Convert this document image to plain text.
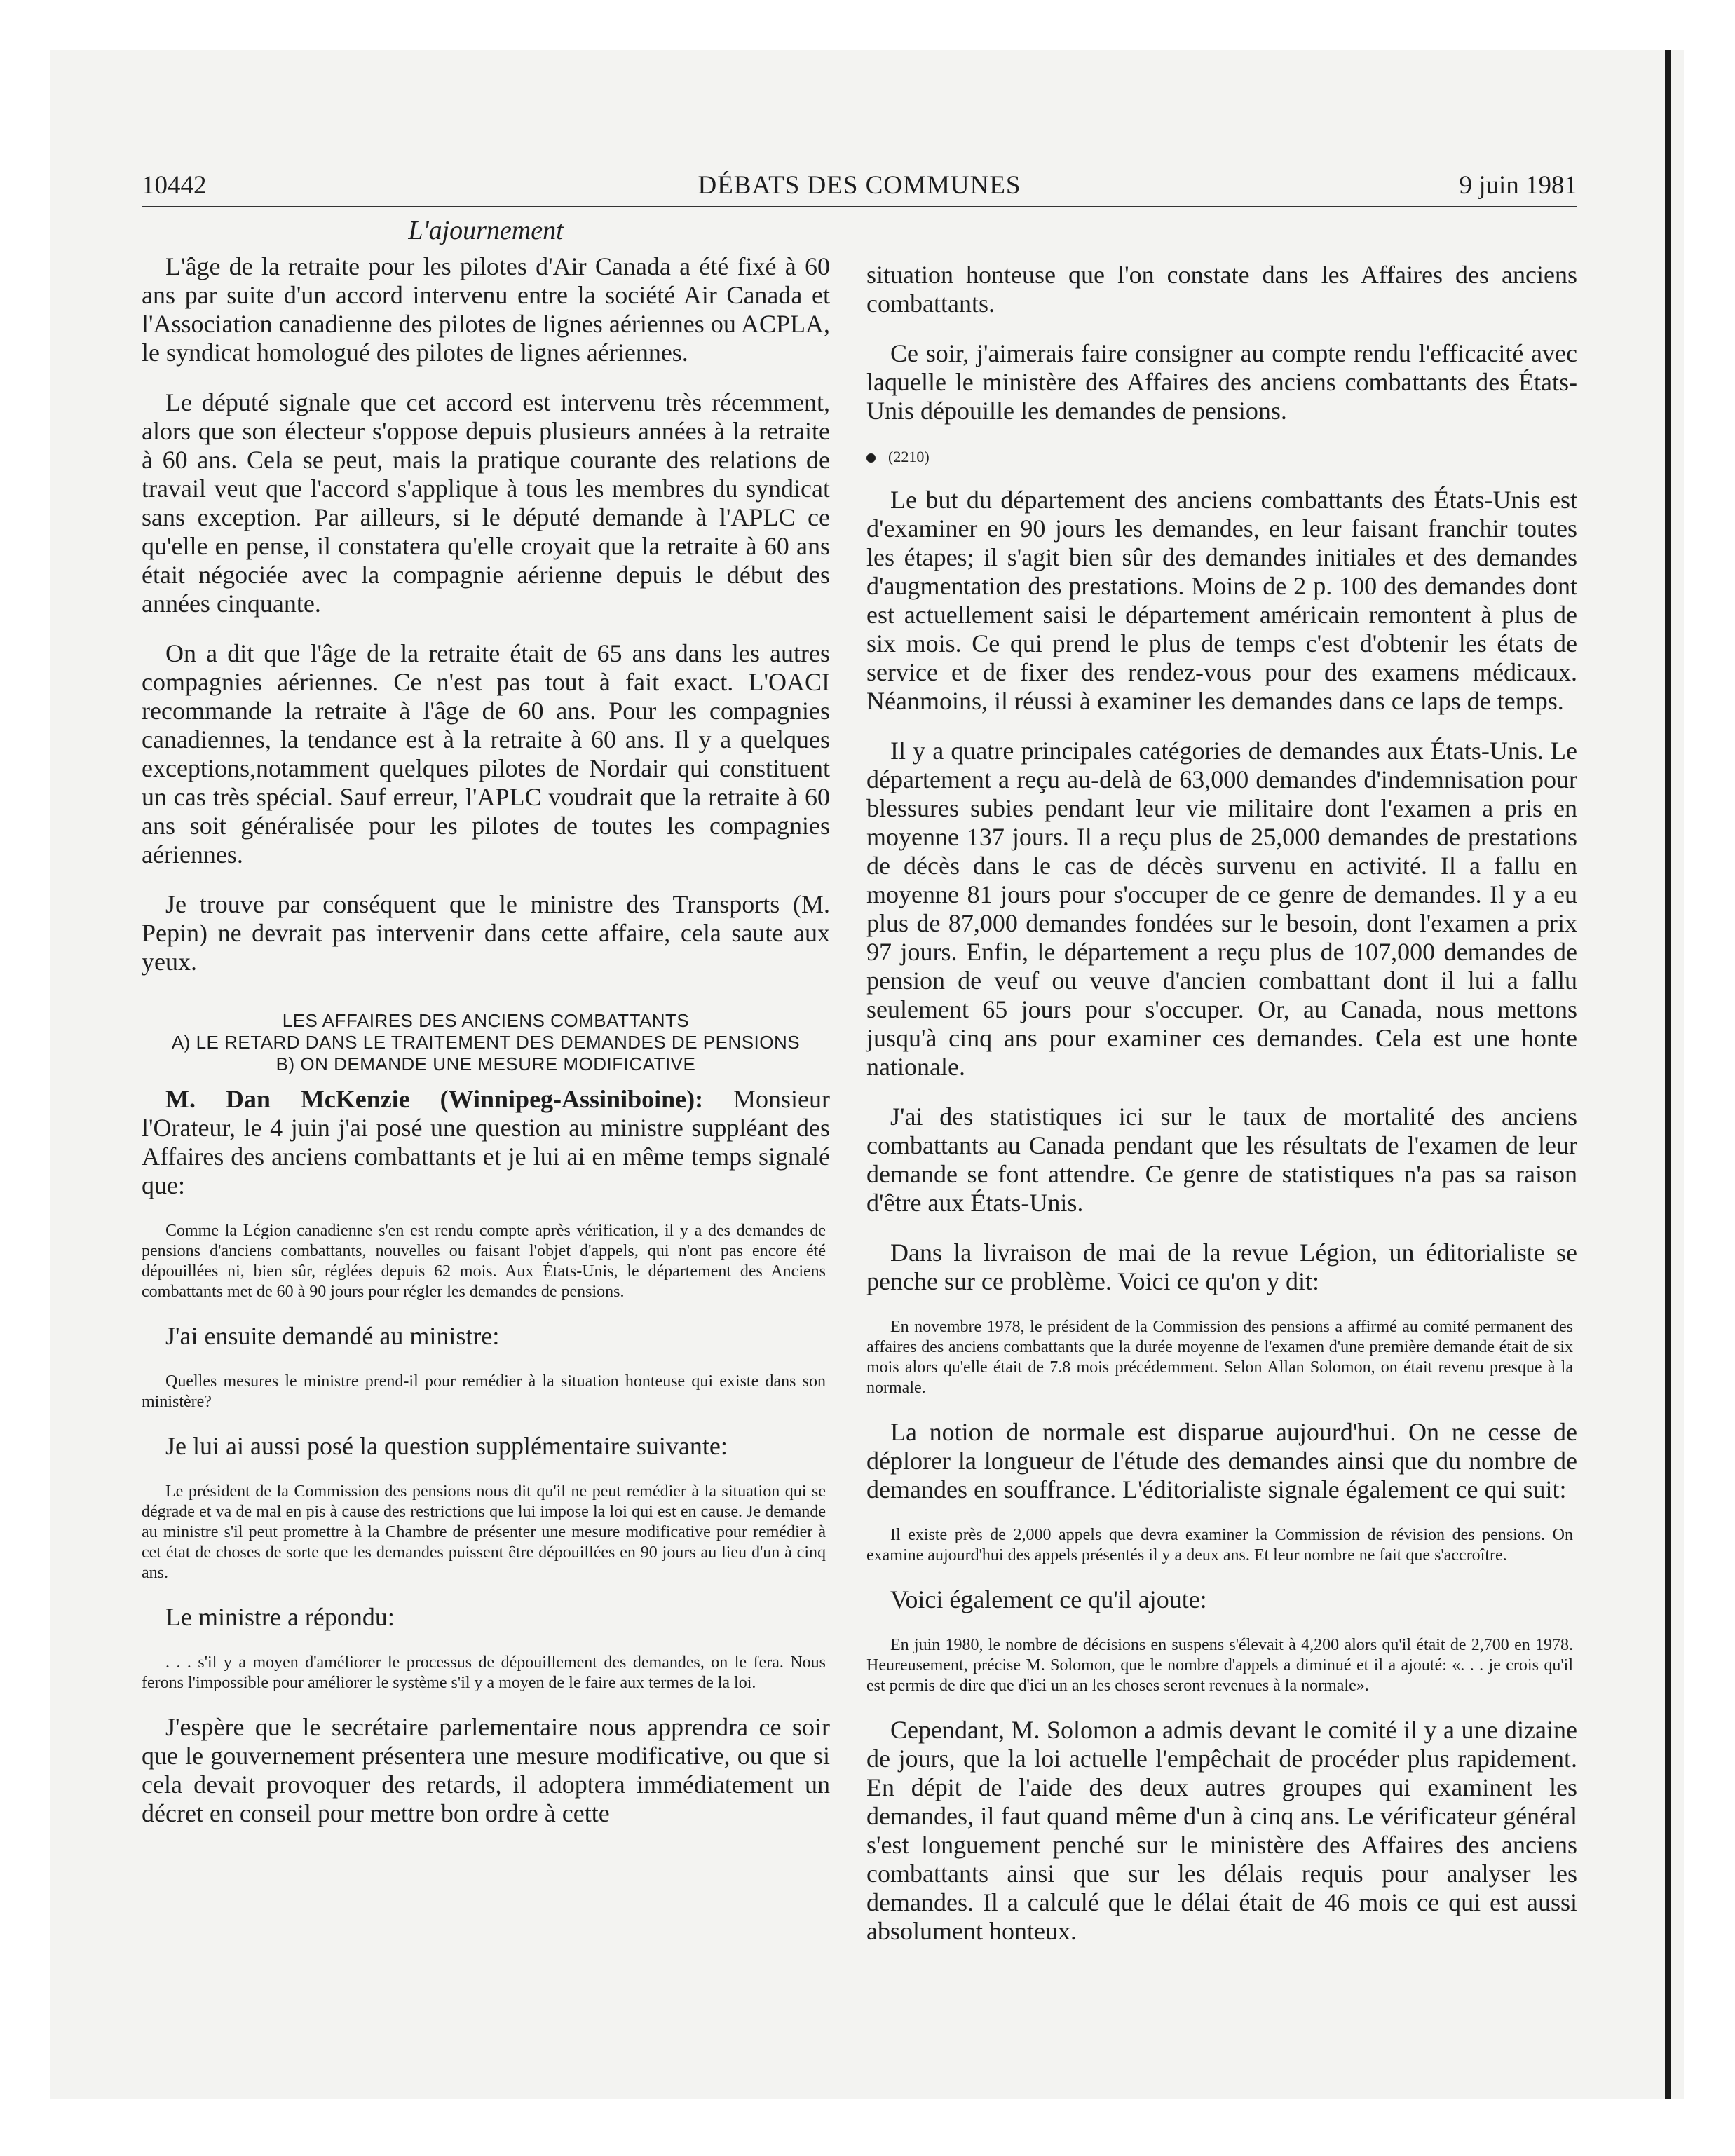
10442	DÉBATS DES COMMUNES	9 juin 1981
L'ajournement

L'âge de la retraite pour les pilotes d'Air Canada a été fixé à 60 ans par suite d'un accord intervenu entre la société Air Canada et l'Association canadienne des pilotes de lignes aériennes ou ACPLA, le syndicat homologué des pilotes de lignes aériennes.

Le député signale que cet accord est intervenu très récemment, alors que son électeur s'oppose depuis plusieurs années à la retraite à 60 ans. Cela se peut, mais la pratique courante des relations de travail veut que l'accord s'applique à tous les membres du syndicat sans exception. Par ailleurs, si le député demande à l'APLC ce qu'elle en pense, il constatera qu'elle croyait que la retraite à 60 ans était négociée avec la compagnie aérienne depuis le début des années cinquante.

On a dit que l'âge de la retraite était de 65 ans dans les autres compagnies aériennes. Ce n'est pas tout à fait exact. L'OACI recommande la retraite à l'âge de 60 ans. Pour les compagnies canadiennes, la tendance est à la retraite à 60 ans. Il y a quelques exceptions,notamment quelques pilotes de Nordair qui constituent un cas très spécial. Sauf erreur, l'APLC voudrait que la retraite à 60 ans soit généralisée pour les pilotes de toutes les compagnies aériennes.

Je trouve par conséquent que le ministre des Transports (M. Pepin) ne devrait pas intervenir dans cette affaire, cela saute aux yeux.

LES AFFAIRES DES ANCIENS COMBATTANTS
A) LE RETARD DANS LE TRAITEMENT DES DEMANDES DE PENSIONS
B) ON DEMANDE UNE MESURE MODIFICATIVE

M. Dan McKenzie (Winnipeg-Assiniboine): Monsieur l'Orateur, le 4 juin j'ai posé une question au ministre suppléant des Affaires des anciens combattants et je lui ai en même temps signalé que:

Comme la Légion canadienne s'en est rendu compte après vérification, il y a des demandes de pensions d'anciens combattants, nouvelles ou faisant l'objet d'appels, qui n'ont pas encore été dépouillées ni, bien sûr, réglées depuis 62 mois. Aux États-Unis, le département des Anciens combattants met de 60 à 90 jours pour régler les demandes de pensions.

J'ai ensuite demandé au ministre:

Quelles mesures le ministre prend-il pour remédier à la situation honteuse qui existe dans son ministère?

Je lui ai aussi posé la question supplémentaire suivante:

Le président de la Commission des pensions nous dit qu'il ne peut remédier à la situation qui se dégrade et va de mal en pis à cause des restrictions que lui impose la loi qui est en cause. Je demande au ministre s'il peut promettre à la Chambre de présenter une mesure modificative pour remédier à cet état de choses de sorte que les demandes puissent être dépouillées en 90 jours au lieu d'un à cinq ans.

Le ministre a répondu:

. . . s'il y a moyen d'améliorer le processus de dépouillement des demandes, on le fera. Nous ferons l'impossible pour améliorer le système s'il y a moyen de le faire aux termes de la loi.

J'espère que le secrétaire parlementaire nous apprendra ce soir que le gouvernement présentera une mesure modificative, ou que si cela devait provoquer des retards, il adoptera immédiatement un décret en conseil pour mettre bon ordre à cette

situation honteuse que l'on constate dans les Affaires des anciens combattants.

Ce soir, j'aimerais faire consigner au compte rendu l'efficacité avec laquelle le ministère des Affaires des anciens combattants des États-Unis dépouille les demandes de pensions.

(2210)

Le but du département des anciens combattants des États-Unis est d'examiner en 90 jours les demandes, en leur faisant franchir toutes les étapes; il s'agit bien sûr des demandes initiales et des demandes d'augmentation des prestations. Moins de 2 p. 100 des demandes dont est actuellement saisi le département américain remontent à plus de six mois. Ce qui prend le plus de temps c'est d'obtenir les états de service et de fixer des rendez-vous pour des examens médicaux. Néanmoins, il réussi à examiner les demandes dans ce laps de temps.

Il y a quatre principales catégories de demandes aux États-Unis. Le département a reçu au-delà de 63,000 demandes d'indemnisation pour blessures subies pendant leur vie militaire dont l'examen a pris en moyenne 137 jours. Il a reçu plus de 25,000 demandes de prestations de décès dans le cas de décès survenu en activité. Il a fallu en moyenne 81 jours pour s'occuper de ce genre de demandes. Il y a eu plus de 87,000 demandes fondées sur le besoin, dont l'examen a prix 97 jours. Enfin, le département a reçu plus de 107,000 demandes de pension de veuf ou veuve d'ancien combattant dont il lui a fallu seulement 65 jours pour s'occuper. Or, au Canada, nous mettons jusqu'à cinq ans pour examiner ces demandes. Cela est une honte nationale.

J'ai des statistiques ici sur le taux de mortalité des anciens combattants au Canada pendant que les résultats de l'examen de leur demande se font attendre. Ce genre de statistiques n'a pas sa raison d'être aux États-Unis.

Dans la livraison de mai de la revue Légion, un éditorialiste se penche sur ce problème. Voici ce qu'on y dit:

En novembre 1978, le président de la Commission des pensions a affirmé au comité permanent des affaires des anciens combattants que la durée moyenne de l'examen d'une première demande était de six mois alors qu'elle était de 7.8 mois précédemment. Selon Allan Solomon, on était revenu presque à la normale.

La notion de normale est disparue aujourd'hui. On ne cesse de déplorer la longueur de l'étude des demandes ainsi que du nombre de demandes en souffrance. L'éditorialiste signale également ce qui suit:

Il existe près de 2,000 appels que devra examiner la Commission de révision des pensions. On examine aujourd'hui des appels présentés il y a deux ans. Et leur nombre ne fait que s'accroître.

Voici également ce qu'il ajoute:

En juin 1980, le nombre de décisions en suspens s'élevait à 4,200 alors qu'il était de 2,700 en 1978. Heureusement, précise M. Solomon, que le nombre d'appels a diminué et il a ajouté: «. . . je crois qu'il est permis de dire que d'ici un an les choses seront revenues à la normale».

Cependant, M. Solomon a admis devant le comité il y a une dizaine de jours, que la loi actuelle l'empêchait de procéder plus rapidement. En dépit de l'aide des deux autres groupes qui examinent les demandes, il faut quand même d'un à cinq ans. Le vérificateur général s'est longuement penché sur le ministère des Affaires des anciens combattants ainsi que sur les délais requis pour analyser les demandes. Il a calculé que le délai était de 46 mois ce qui est aussi absolument honteux.
